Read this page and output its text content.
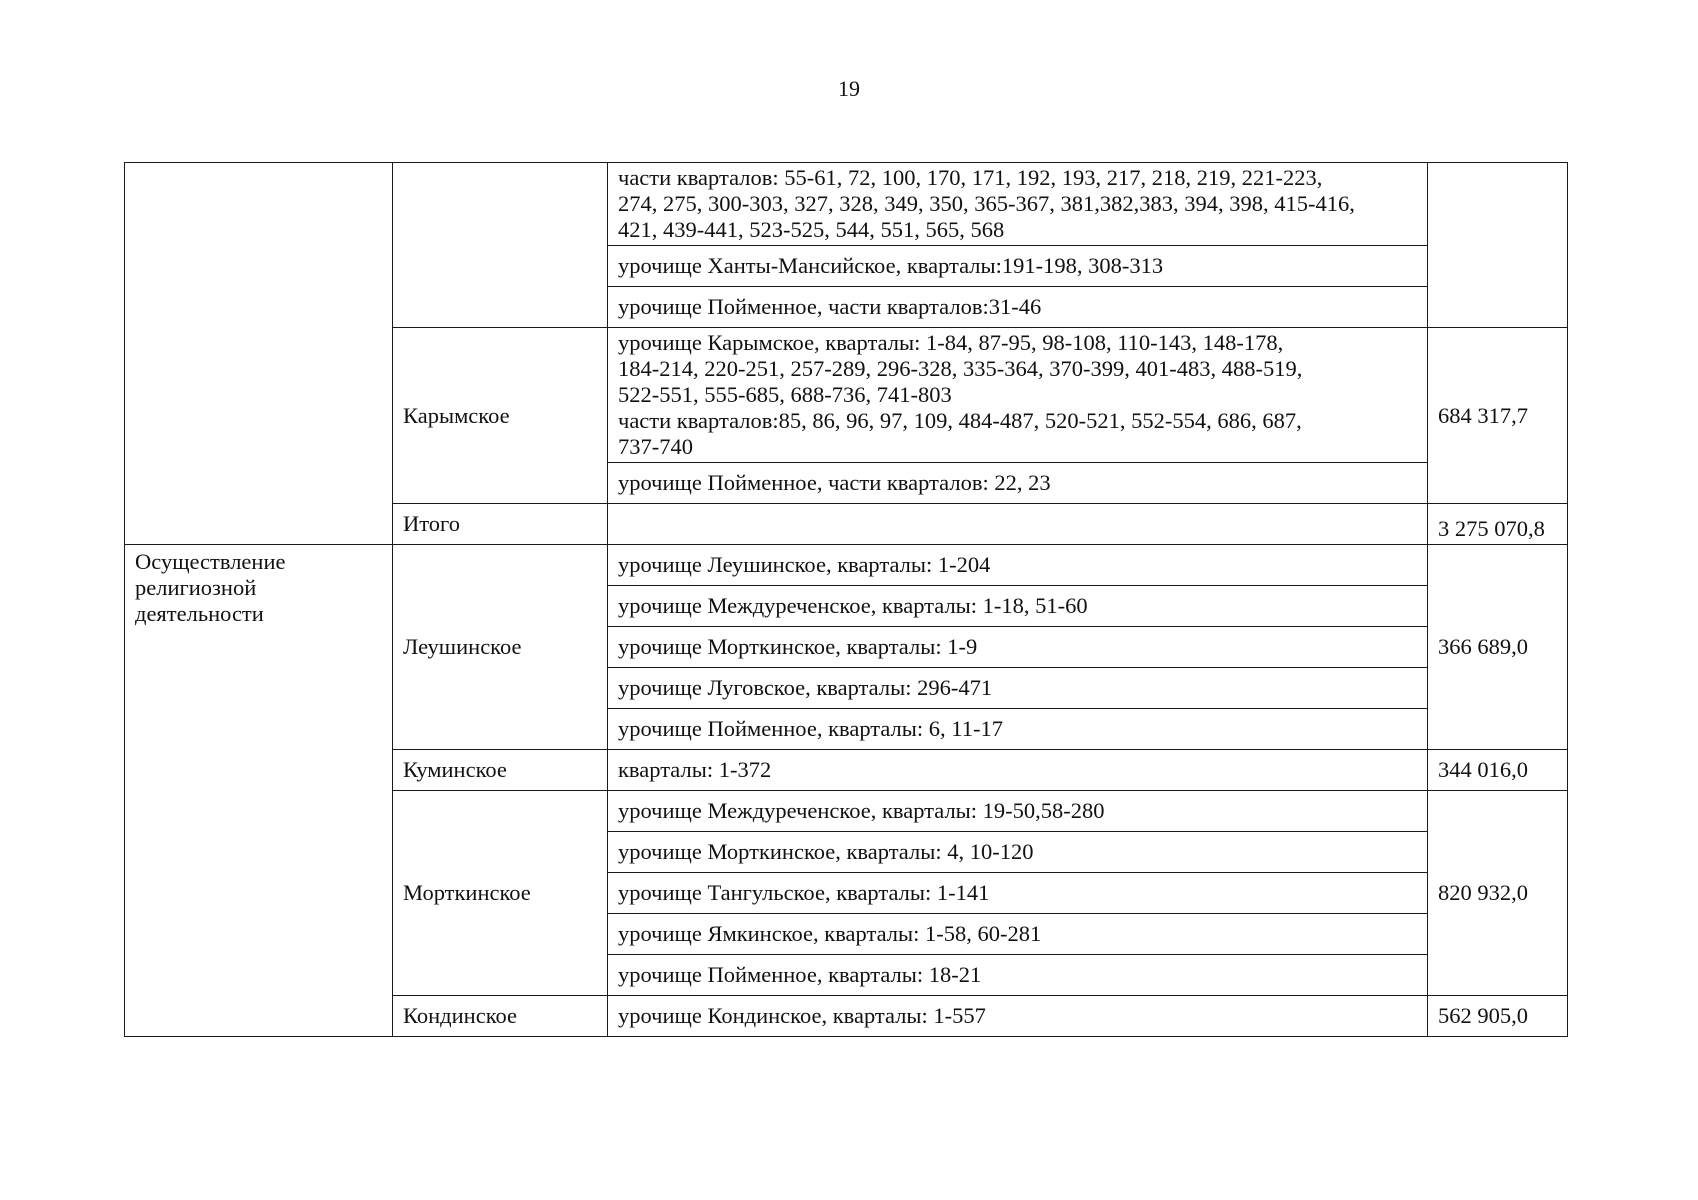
19

		части кварталов: 55-61, 72, 100, 170, 171, 192, 193, 217, 218, 219, 221-223,
274, 275, 300-303, 327, 328, 349, 350, 365-367, 381,382,383, 394, 398, 415-416,
421, 439-441, 523-525, 544, 551, 565, 568	

		урочище Ханты-Мансийское, кварталы:191-198, 308-313	
		урочище Пойменное, части кварталов:31-46	
	Карымское	урочище Карымское, кварталы: 1-84, 87-95, 98-108, 110-143, 148-178,
184-214, 220-251, 257-289, 296-328, 335-364, 370-399, 401-483, 488-519,
522-551, 555-685, 688-736, 741-803
части кварталов:85, 86, 96, 97, 109, 484-487, 520-521, 552-554, 686, 687,
737-740	684 317,7
		урочище Пойменное, части кварталов: 22, 23	
	Итого		3 275 070,8

Осуществление
религиозной
деятельности	Леушинское	урочище Леушинское, кварталы: 1-204	366 689,0
		урочище Междуреченское, кварталы: 1-18, 51-60	
		урочище Морткинское, кварталы: 1-9	
		урочище Луговское, кварталы: 296-471	
		урочище Пойменное, кварталы: 6, 11-17	
	Куминское	кварталы: 1-372	344 016,0
	Морткинское	урочище Междуреченское, кварталы: 19-50,58-280	820 932,0
		урочище Морткинское, кварталы: 4, 10-120	
		урочище Тангульское, кварталы: 1-141	
		урочище Ямкинское, кварталы: 1-58, 60-281	
		урочище Пойменное, кварталы: 18-21	
	Кондинское	урочище Кондинское, кварталы: 1-557	562 905,0
